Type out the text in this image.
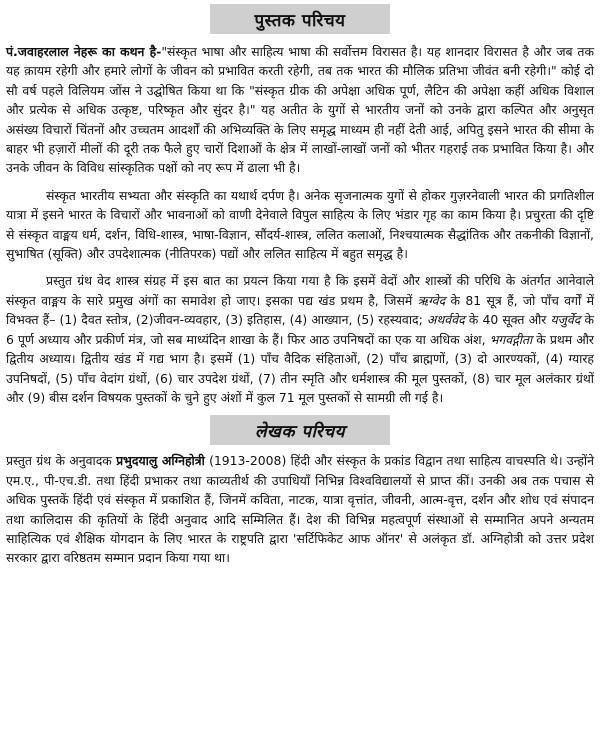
पुस्तक परिचय

पं.जवाहरलाल नेहरू का कथन है-"संस्कृत भाषा और साहित्य भाषा की सर्वोत्तम विरासत है। यह शानदार विरासत है और जब तक यह क़ायम रहेगी और हमारे लोगों के जीवन को प्रभावित करती रहेगी, तब तक भारत की मौलिक प्रतिभा जीवंत बनी रहेगी।" कोई दो सौ वर्ष पहले विलियम जोंस ने उद्घोषित किया था कि "संस्कृत ग्रीक की अपेक्षा अधिक पूर्ण, लैटिन की अपेक्षा कहीं अधिक विशाल और प्रत्येक से अधिक उत्कृष्ट, परिष्कृत और सुंदर है।" यह अतीत के युगों से भारतीय जनों को उनके द्वारा कल्पित और अनुसृत असंख्य विचारों चिंतनों और उच्चतम आदर्शों की अभिव्यक्ति के लिए समृद्ध माध्यम ही नहीं देती आई, अपितु इसने भारत की सीमा के बाहर भी हज़ारों मीलों की दूरी तक फैले हुए चारों दिशाओं के क्षेत्र में लाखों-लाखों जनों को भीतर गहराई तक प्रभावित किया है। और उनके जीवन के विविध सांस्कृतिक पक्षों को नए रूप में ढाला भी है।

संस्कृत भारतीय सभ्यता और संस्कृति का यथार्थ दर्पण है। अनेक सृजनात्मक युगों से होकर गुज़रनेवाली भारत की प्रगतिशील यात्रा में इसने भारत के विचारों और भावनाओं को वाणी देनेवाले विपुल साहित्य के लिए भंडार गृह का काम किया है। प्रचुरता की दृष्टि से संस्कृत वाङ्मय धर्म, दर्शन, विधि-शास्त्र, भाषा-विज्ञान, सौंदर्य-शास्त्र, ललित कलाओं, निश्चयात्मक सैद्धांतिक और तकनीकी विज्ञानों, सुभाषित (सूक्ति) और उपदेशात्मक (नीतिपरक) पद्यों और ललित साहित्य में बहुत समृद्ध है।

प्रस्तुत ग्रंथ वेद शास्त्र संग्रह में इस बात का प्रयत्न किया गया है कि इसमें वेदों और शास्त्रों की परिधि के अंतर्गत आनेवाले संस्कृत वाङ्मय के सारे प्रमुख अंगों का समावेश हो जाए। इसका पद्य खंड प्रथम है, जिसमें ऋग्वेद के 81 सूत्र हैं, जो पाँच वर्गों में विभक्त हैं– (1) दैवत स्तोत्र, (2)जीवन-व्यवहार, (3) इतिहास, (4) आख्यान, (5) रहस्यवाद; अथर्ववेद के 40 सूक्त और यजुर्वेद के 6 पूर्ण अध्याय और प्रकीर्ण मंत्र, जो सब माध्यंदिन शाखा के हैं। फिर आठ उपनिषदों का एक या अधिक अंश, भगवद्गीता के प्रथम और द्वितीय अध्याय। द्वितीय खंड में गद्य भाग है। इसमें (1) पाँच वैदिक संहिताओं, (2) पाँच ब्राह्मणों, (3) दो आरण्यकों, (4) ग्यारह उपनिषदों, (5) पाँच वेदांग ग्रंथों, (6) चार उपदेश ग्रंथों, (7) तीन स्मृति और धर्मशास्त्र की मूल पुस्तकों, (8) चार मूल अलंकार ग्रंथों और (9) बीस दर्शन विषयक पुस्तकों के चुने हुए अंशों में कुल 71 मूल पुस्तकों से सामग्री ली गई है।

लेखक परिचय

प्रस्तुत ग्रंथ के अनुवादक प्रभुदयालु अग्निहोत्री (1913-2008) हिंदी और संस्कृत के प्रकांड विद्वान तथा साहित्य वाचस्पति थे। उन्होंने एम.ए., पी-एच.डी. तथा हिंदी प्रभाकर तथा काव्यतीर्थ की उपाधियाँ निभिन्न विश्वविद्यालयों से प्राप्त कीं। उनकी अब तक पचास से अधिक पुस्तकें हिंदी एवं संस्कृत में प्रकाशित हैं, जिनमें कविता, नाटक, यात्रा वृत्तांत, जीवनी, आत्म-वृत्त, दर्शन और शोध एवं संपादन तथा कालिदास की कृतियों के हिंदी अनुवाद आदि सम्मिलित हैं। देश की विभिन्न महत्वपूर्ण संस्थाओं से सम्मानित अपने अन्यतम साहित्यिक एवं शैक्षिक योगदान के लिए भारत के राष्ट्रपति द्वारा 'सर्टिफिकेट आफ ऑनर' से अलंकृत डॉ. अग्निहोत्री को उत्तर प्रदेश सरकार द्वारा वरिष्ठतम सम्मान प्रदान किया गया था।
